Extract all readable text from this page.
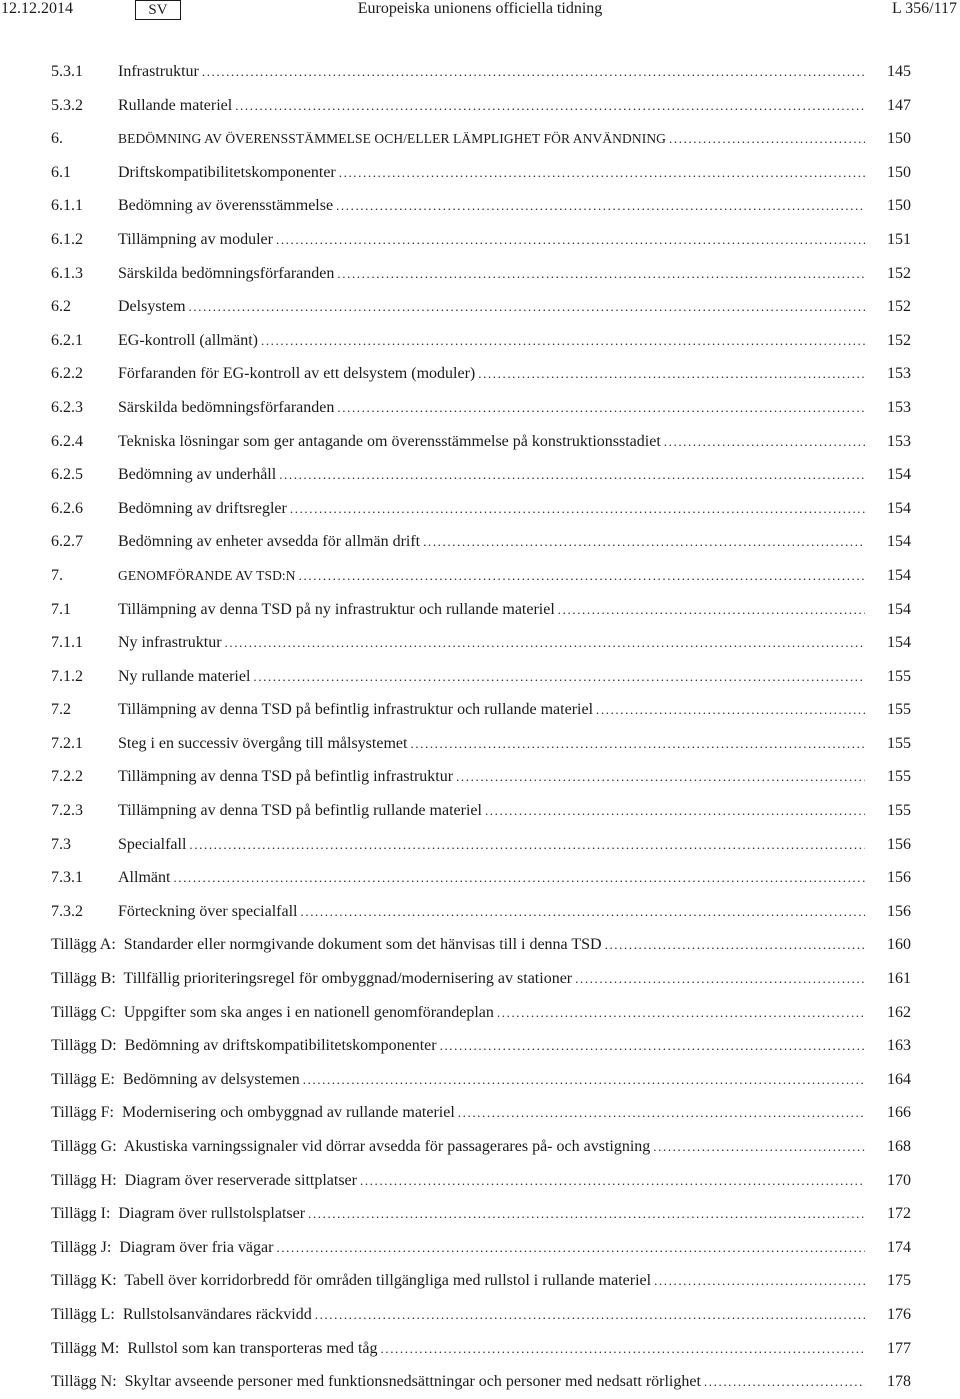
12.12.2014	SV	Europeiska unionens officiella tidning	L 356/117
5.3.1 Infrastruktur .....	145
5.3.2 Rullande materiel .....	147
6.	BEDÖMNING AV ÖVERENSSTÄMMELSE OCH/ELLER LÄMPLIGHET FÖR ANVÄNDNING .....	150
6.1	Driftskompatibilitetskomponenter .....	150
6.1.1 Bedömning av överensstämmelse .....	150
6.1.2 Tillämpning av moduler .....	151
6.1.3 Särskilda bedömningsförfaranden .....	152
6.2	Delsystem .....	152
6.2.1 EG-kontroll (allmänt) .....	152
6.2.2 Förfaranden för EG-kontroll av ett delsystem (moduler) .....	153
6.2.3 Särskilda bedömningsförfaranden .....	153
6.2.4 Tekniska lösningar som ger antagande om överensstämmelse på konstruktionsstadiet .....	153
6.2.5 Bedömning av underhåll .....	154
6.2.6 Bedömning av driftsregler .....	154
6.2.7 Bedömning av enheter avsedda för allmän drift .....	154
7.	GENOMFÖRANDE AV TSD:N .....	154
7.1	Tillämpning av denna TSD på ny infrastruktur och rullande materiel .....	154
7.1.1 Ny infrastruktur .....	154
7.1.2 Ny rullande materiel .....	155
7.2	Tillämpning av denna TSD på befintlig infrastruktur och rullande materiel .....	155
7.2.1 Steg i en successiv övergång till målsystemet .....	155
7.2.2 Tillämpning av denna TSD på befintlig infrastruktur .....	155
7.2.3 Tillämpning av denna TSD på befintlig rullande materiel .....	155
7.3	Specialfall .....	156
7.3.1 Allmänt .....	156
7.3.2 Förteckning över specialfall .....	156
Tillägg A:  Standarder eller normgivande dokument som det hänvisas till i denna TSD .....	160
Tillägg B:  Tillfällig prioriteringsregel för ombyggnad/modernisering av stationer .....	161
Tillägg C:  Uppgifter som ska anges i en nationell genomförandeplan .....	162
Tillägg D:  Bedömning av driftskompatibilitetskomponenter .....	163
Tillägg E:  Bedömning av delsystemen .....	164
Tillägg F:  Modernisering och ombyggnad av rullande materiel .....	166
Tillägg G:  Akustiska varningssignaler vid dörrar avsedda för passagerares på- och avstigning .....	168
Tillägg H:  Diagram över reserverade sittplatser .....	170
Tillägg I:  Diagram över rullstolsplatser .....	172
Tillägg J:  Diagram över fria vägar .....	174
Tillägg K:  Tabell över korridorbredd för områden tillgängliga med rullstol i rullande materiel .....	175
Tillägg L:  Rullstolsanvändares räckvidd .....	176
Tillägg M:  Rullstol som kan transporteras med tåg .....	177
Tillägg N:  Skyltar avseende personer med funktionsnedsättningar och personer med nedsatt rörlighet .....	178
